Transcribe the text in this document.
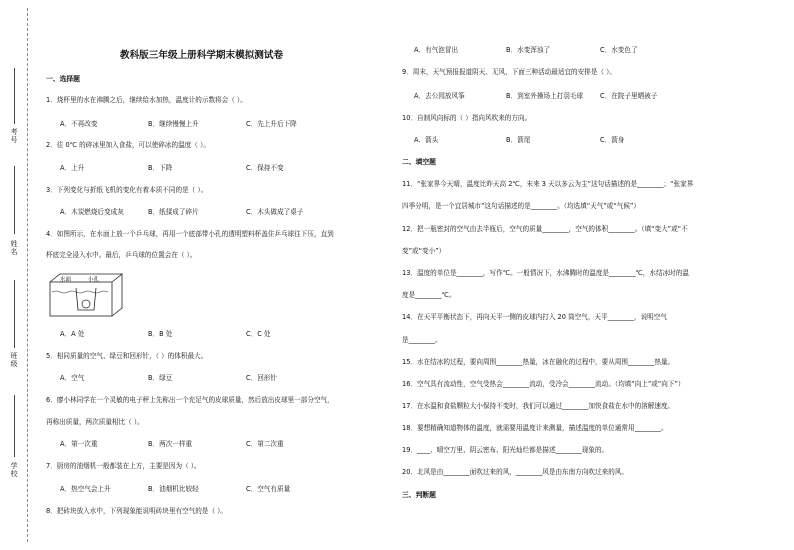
考号
姓名
班级
学校
教科版三年级上册科学期末模拟测试卷
一、选择题
1．烧杯里的水在沸腾之后，继续给水加热，温度计的示数将会（ ）。
A．不再改变	B．继续慢慢上升	C．先上升后下降
2．往 0℃ 的碎冰里加入食盐，可以使碎冰的温度（ ）。
A．上升	B．下降	C．保持不变
3．下列变化与折纸飞机的变化有着本质不同的是（ ）。
A．木炭燃烧后变成灰	B．纸揉成了碎片	C．木头做成了桌子
4．如图所示，在水面上放一个乒乓球，再用一个底部带小孔的透明塑料杯盖住乒乓球往下压，直到
杯底完全浸入水中。最后，乒乓球的位置会在（ ）。
水面	小孔
A．A 处	B．B 处	C．C 处
5．相同质量的空气、绿豆和回形针，（ ）的体积最大。
A．空气	B．绿豆	C．回形针
6．廖小林同学在一个灵敏的电子秤上先称出一个充足气的皮球质量，然后放出皮球里一部分空气，
再称出质量，两次质量相比（ ）。
A．第一次重	B．两次一样重	C．第二次重
7．厨房的油烟机一般都装在上方，主要是因为（ ）。
A．热空气会上升	B．油烟机比较轻	C．空气有质量
8．把砖块放入水中，下列现象能说明砖块里有空气的是（ ）。
A．有气泡冒出	B．水变浑浊了	C．水变色了
9．周末，天气预报报道阴天、无风，下面三种活动最适宜的安排是（ ）。
A．去公园放风筝	B．到室外操场上打羽毛球	C．在院子里晒被子
10．自制风向标的（ ）指向风吹来的方向。
A．箭头	B．箭尾	C．箭身
二、填空题
11．“张家界今天晴，温度比昨天高 2℃，未来 3 天以多云为主”这句话描述的是________；“张家界
四季分明，是一个宜居城市”这句话描述的是________。（均选填“天气”或“气候”）
12．把一瓶密封的空气由去半瓶后，空气的质量________，空气的体积________。（填“变大”或“不
变”或“变小”）
13．温度的单位是________，写作℃。一般情况下，水沸腾时的温度是________℃，水结冰时的温
度是________℃。
14．在天平平衡状态下，再向天平一侧的皮球内打入 20 筒空气，天平________，说明空气
是________。
15．水在结冰的过程，要向周围________热量，冰在融化的过程中，要从周围________热量。
16．空气具有流动性，空气受热会________流动，受冷会________流动。（均填“向上”或“向下”）
17．在水温和食盐颗粒大小保持不变时，我们可以通过________加快食盐在水中的溶解速度。
18．要想精确知道物体的温度，就需要用温度计来测量，描述温度的单位通常用________。
19．____、晴空万里、阴云密布、阳光灿烂都是描述________现象的。
20．北风是由________面吹过来的风，________风是由东南方向吹过来的风。
三、判断题
